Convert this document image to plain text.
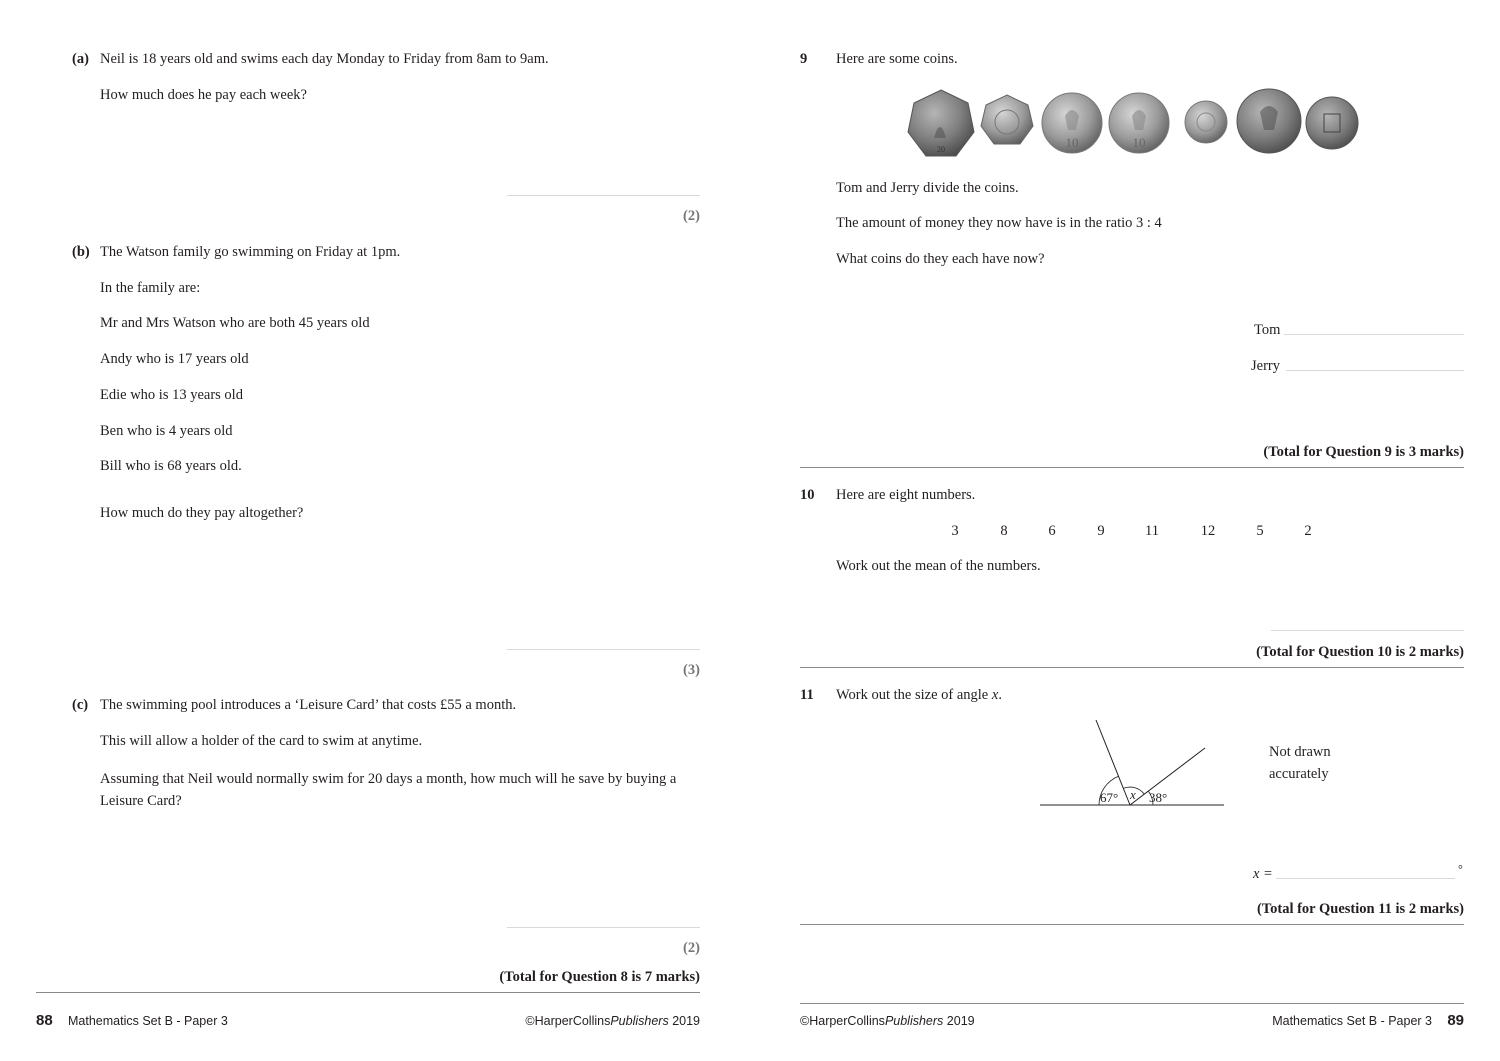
(a) Neil is 18 years old and swims each day Monday to Friday from 8am to 9am.
How much does he pay each week?
(2)
(b) The Watson family go swimming on Friday at 1pm.
In the family are:
Mr and Mrs Watson who are both 45 years old
Andy who is 17 years old
Edie who is 13 years old
Ben who is 4 years old
Bill who is 68 years old.
How much do they pay altogether?
(3)
(c) The swimming pool introduces a ‘Leisure Card’ that costs £55 a month.
This will allow a holder of the card to swim at anytime.
Assuming that Neil would normally swim for 20 days a month, how much will he save by buying a Leisure Card?
(2)
(Total for Question 8 is 7 marks)
88 Mathematics Set B - Paper 3	©HarperCollinsPublishers 2019
9 Here are some coins.
20	10	10
Tom and Jerry divide the coins.
The amount of money they now have is in the ratio 3 : 4
What coins do they each have now?
Tom
Jerry
(Total for Question 9 is 3 marks)
10 Here are eight numbers.
3	8	6	9	11	12	5	2
Work out the mean of the numbers.
(Total for Question 10 is 2 marks)
11 Work out the size of angle x.
67° x 38°
Not drawn
accurately
x =	°
(Total for Question 11 is 2 marks)
©HarperCollinsPublishers 2019	Mathematics Set B - Paper 3 89
